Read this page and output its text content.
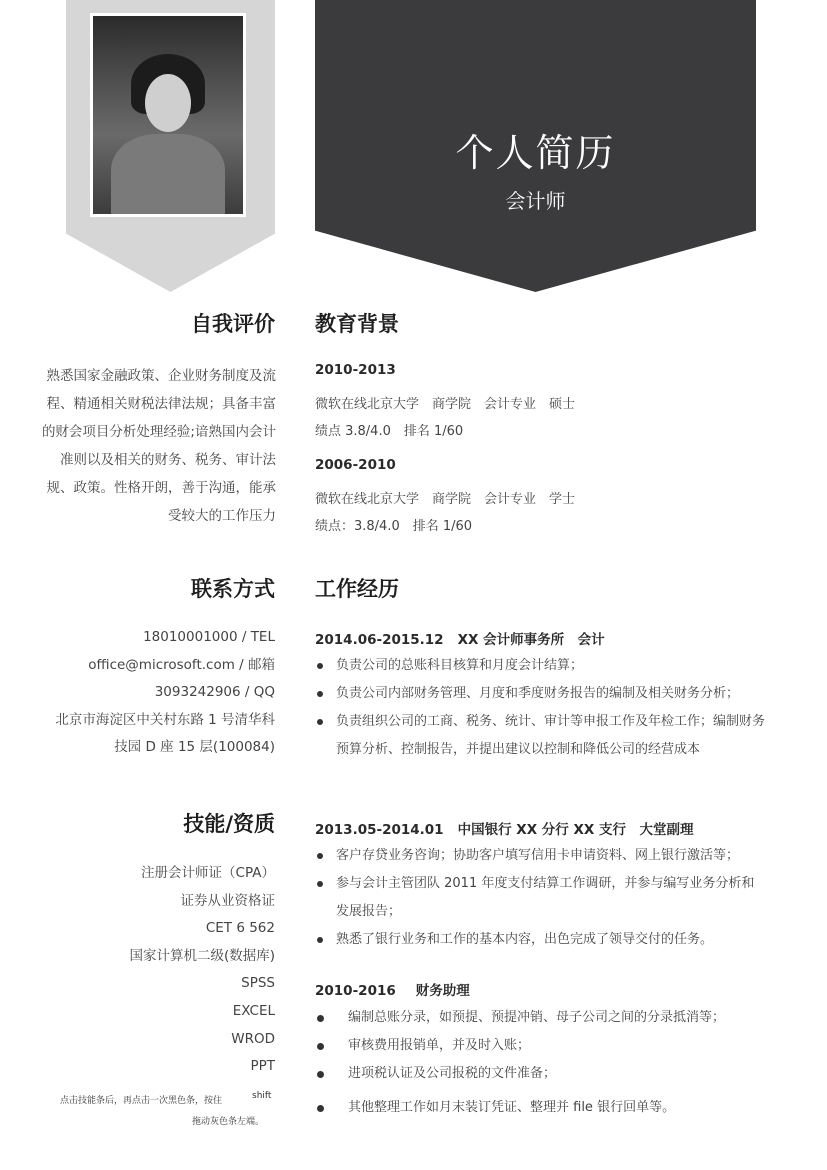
个人简历
会计师
自我评价
熟悉国家金融政策、企业财务制度及流程、精通相关财税法律法规；具备丰富的财会项目分析处理经验;谙熟国内会计准则以及相关的财务、税务、审计法规、政策。性格开朗，善于沟通，能承受较大的工作压力
联系方式
18010001000 / TEL
office@microsoft.com / 邮箱
3093242906 / QQ
北京市海淀区中关村东路 1 号清华科
技园 D 座 15 层(100084)
技能/资质
注册会计师证（CPA）
证券从业资格证
CET 6 562
国家计算机二级(数据库)
SPSS
EXCEL
WROD
PPT
点击技能条后，再点击一次黑色条，按住	shift
拖动灰色条左端。
教育背景
2010-2013
微软在线北京大学　商学院　会计专业　硕士
绩点 3.8/4.0　排名 1/60
2006-2010
微软在线北京大学　商学院　会计专业　学士
绩点：3.8/4.0　排名 1/60
工作经历
2014.06-2015.12 XX 会计师事务所　会计
负责公司的总账科目核算和月度会计结算；
负责公司内部财务管理、月度和季度财务报告的编制及相关财务分析；
负责组织公司的工商、税务、统计、审计等申报工作及年检工作；编制财务预算分析、控制报告，并提出建议以控制和降低公司的经营成本
2013.05-2014.01 中国银行 XX 分行 XX 支行　大堂副理
客户存贷业务咨询；协助客户填写信用卡申请资料、网上银行激活等；
参与会计主管团队 2011 年度支付结算工作调研，并参与编写业务分析和发展报告；
熟悉了银行业务和工作的基本内容，出色完成了领导交付的任务。
2010-2016 财务助理
编制总账分录，如预提、预提冲销、母子公司之间的分录抵消等；
审核费用报销单，并及时入账；
进项税认证及公司报税的文件准备；
其他整理工作如月末装订凭证、整理并 file 银行回单等。
